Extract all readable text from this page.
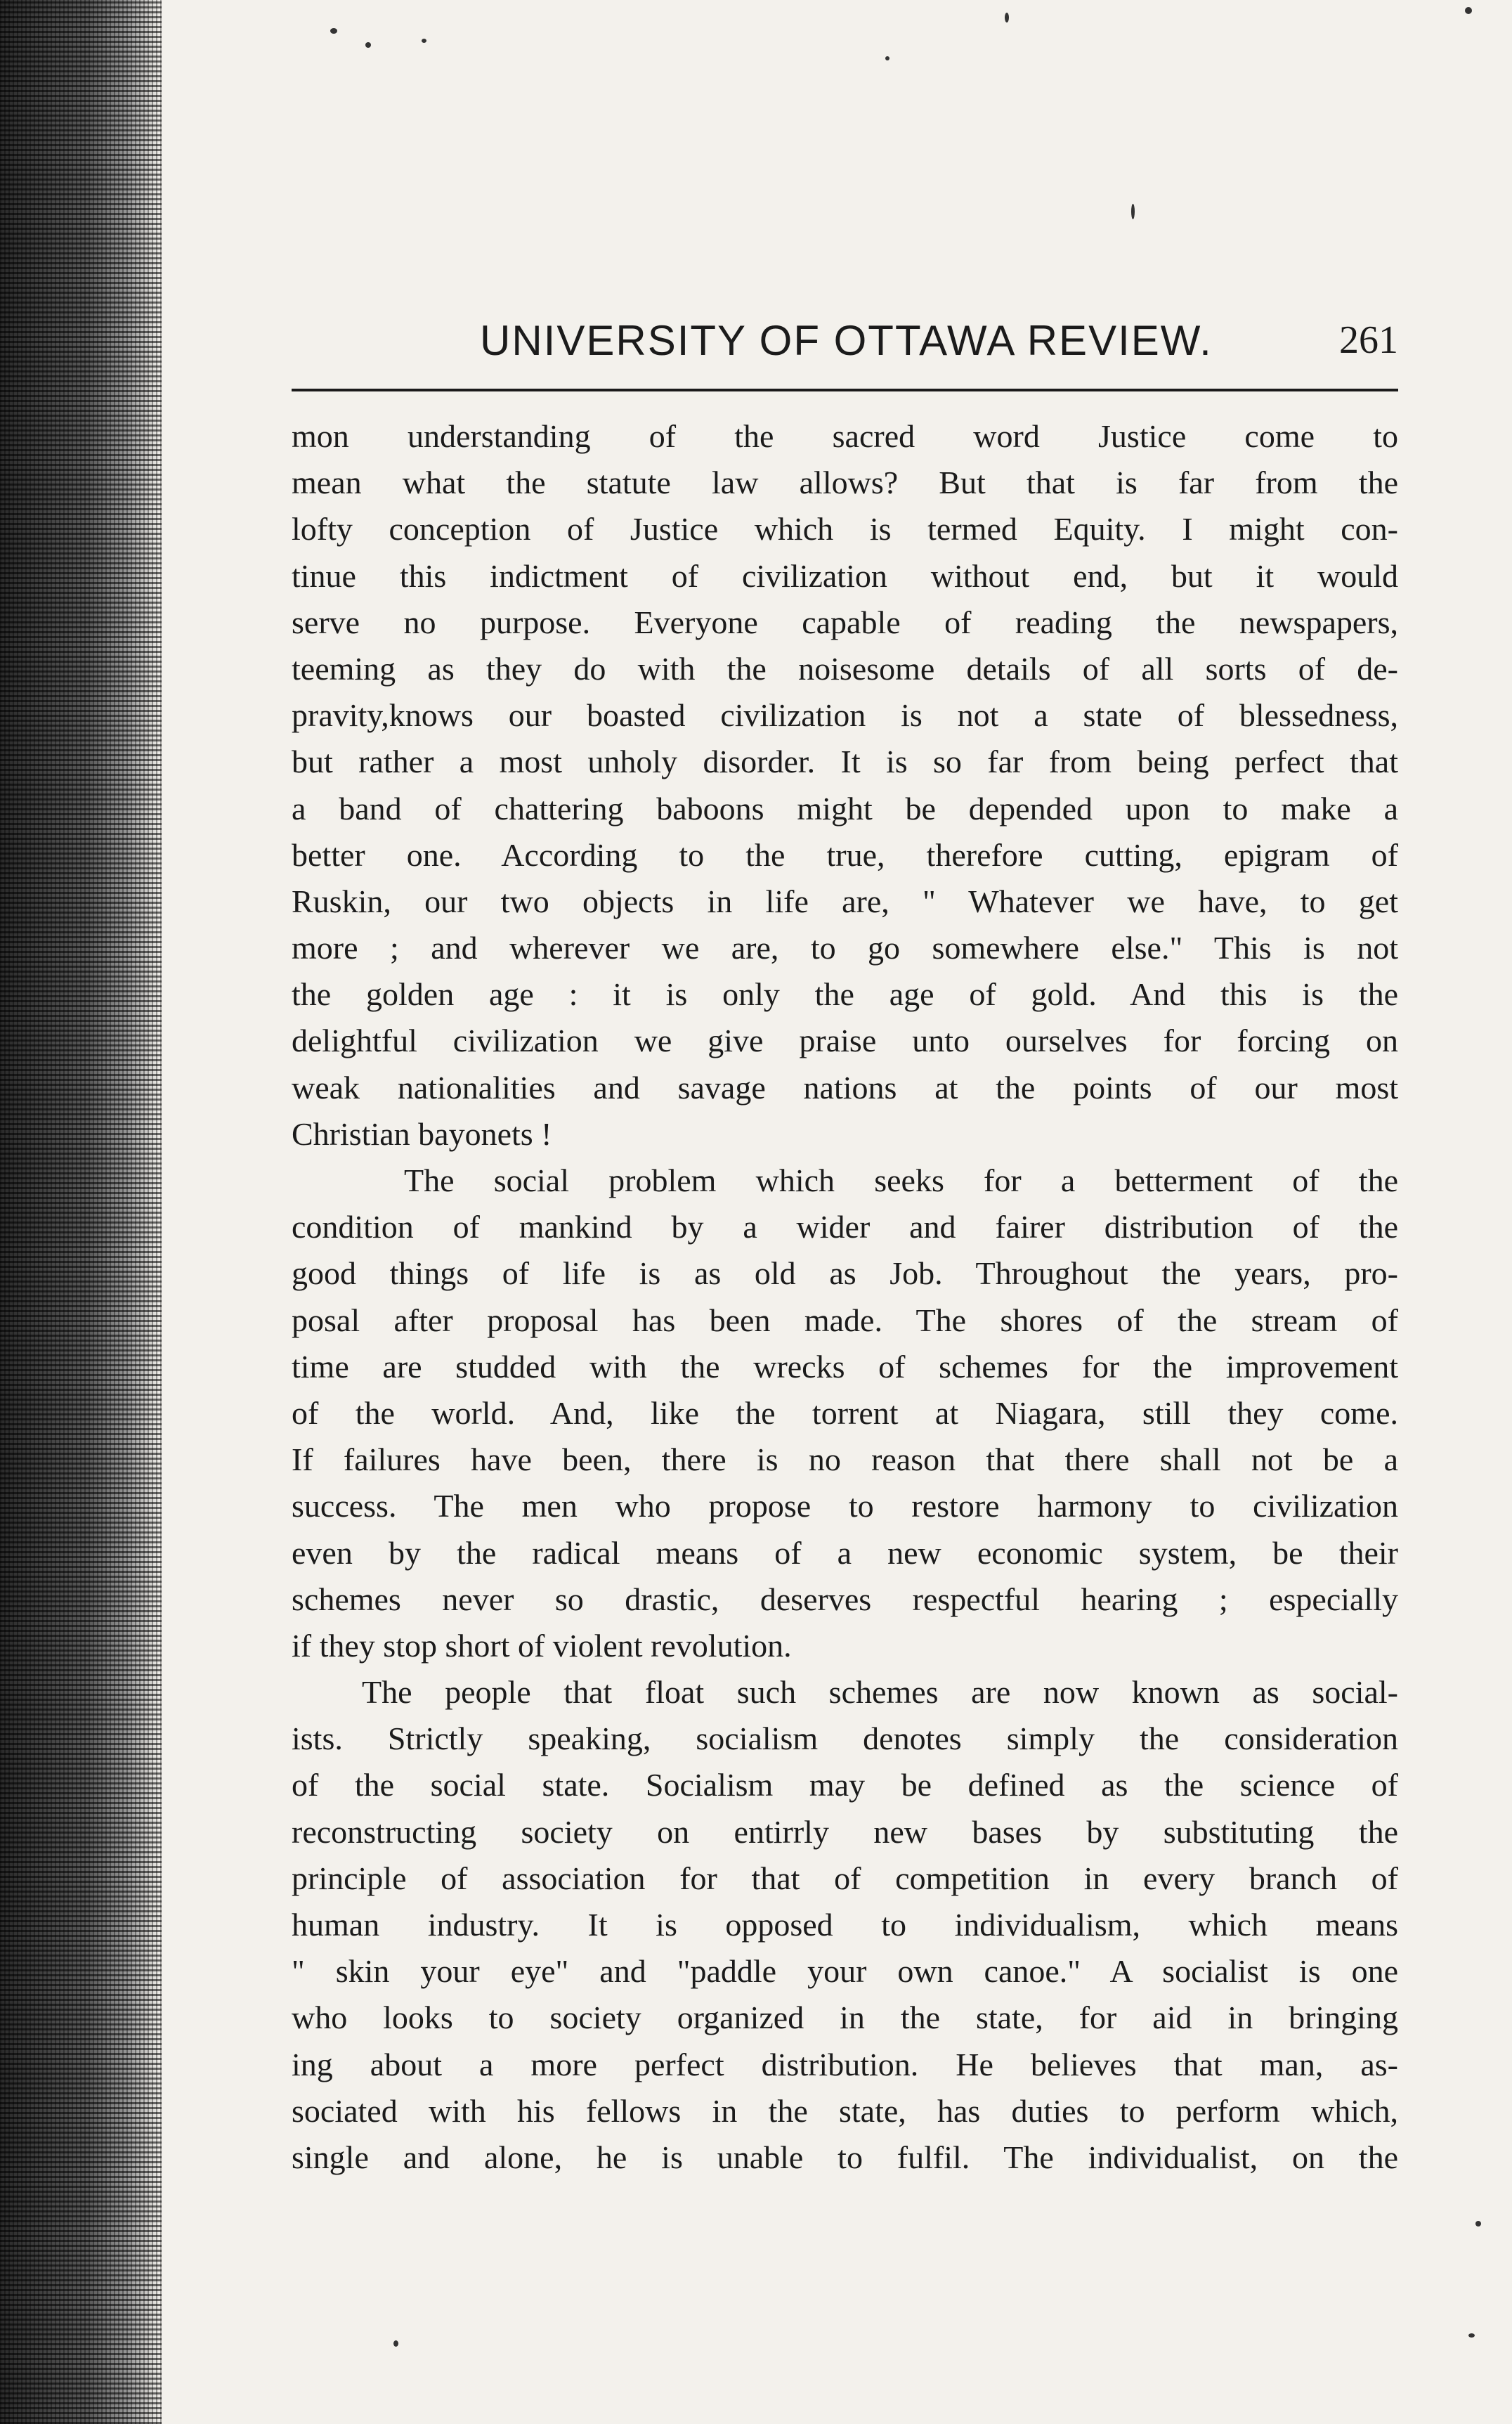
UNIVERSITY OF OTTAWA REVIEW.	261
mon understanding of the sacred word Justice come to
mean what the statute law allows? But that is far from the
lofty conception of Justice which is termed Equity. I might con-
tinue this indictment of civilization without end, but it would
serve no purpose. Everyone capable of reading the newspapers,
teeming as they do with the noisesome details of all sorts of de-
pravity,knows our boasted civilization is not a state of blessedness,
but rather a most unholy disorder. It is so far from being perfect that
a band of chattering baboons might be depended upon to make a
better one. According to the true, therefore cutting, epigram of
Ruskin, our two objects in life are, " Whatever we have, to get
more ; and wherever we are, to go somewhere else." This is not
the golden age : it is only the age of gold. And this is the
delightful civilization we give praise unto ourselves for forcing on
weak nationalities and savage nations at the points of our most
Christian bayonets !
The social problem which seeks for a betterment of the
condition of mankind by a wider and fairer distribution of the
good things of life is as old as Job. Throughout the years, pro-
posal after proposal has been made. The shores of the stream of
time are studded with the wrecks of schemes for the improvement
of the world. And, like the torrent at Niagara, still they come.
If failures have been, there is no reason that there shall not be a
success. The men who propose to restore harmony to civilization
even by the radical means of a new economic system, be their
schemes never so drastic, deserves respectful hearing ; especially
if they stop short of violent revolution.
The people that float such schemes are now known as social-
ists. Strictly speaking, socialism denotes simply the consideration
of the social state. Socialism may be defined as the science of
reconstructing society on entirrly new bases by substituting the
principle of association for that of competition in every branch of
human industry. It is opposed to individualism, which means
" skin your eye" and "paddle your own canoe." A socialist is one
who looks to society organized in the state, for aid in bringing
ing about a more perfect distribution. He believes that man, as-
sociated with his fellows in the state, has duties to perform which,
single and alone, he is unable to fulfil. The individualist, on the
